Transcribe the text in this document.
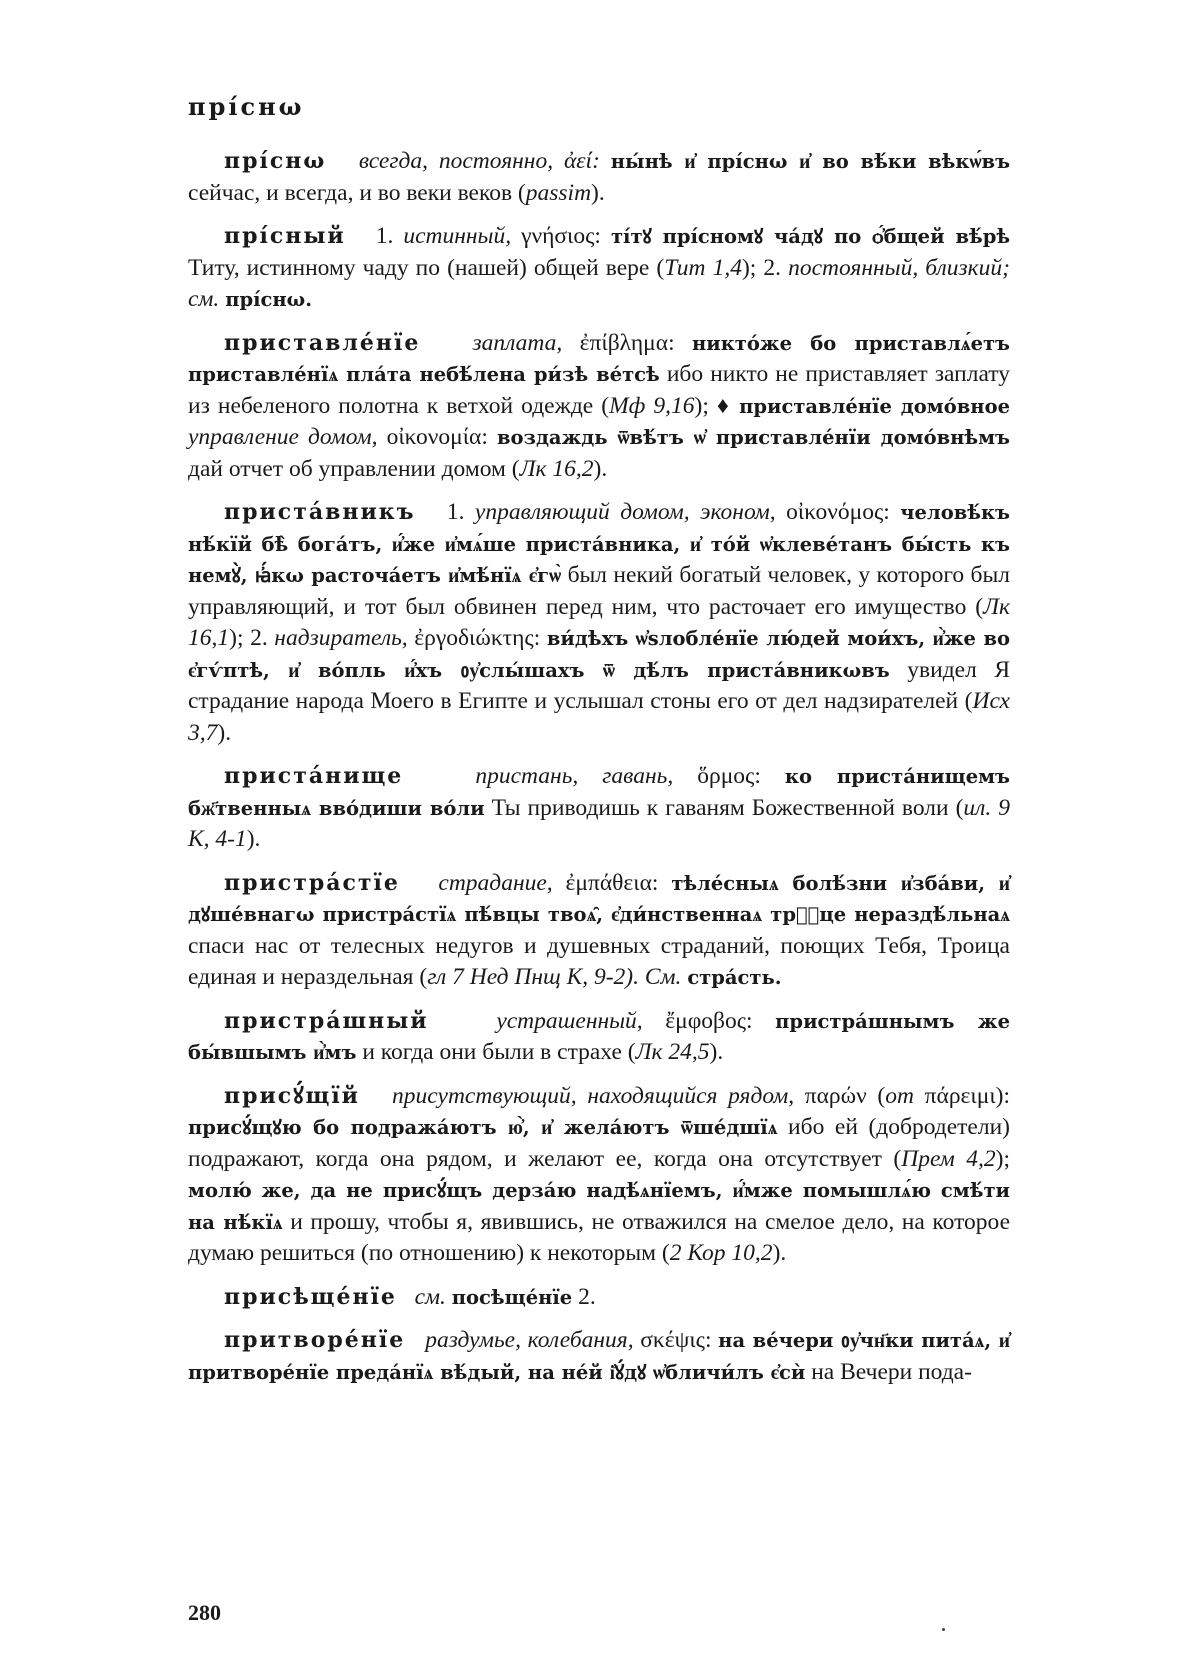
прíснω

прíснω всегда, постоянно, ἀεί: ны́нѣ и҆ прíснω и҆ во вѣ́ки вѣкѡ́въ сейчас, и всегда, и во веки веков (passim).

прíсный 1. истинный, γνήσιος: ті́тꙋ прíсномꙋ ча́дꙋ по ѻ҆́бщей вѣ́рѣ Титу, истинному чаду по (нашей) общей вере (Тит 1,4); 2. постоянный, близкий; см. прíснω.

приставле́нїе заплата, ἐπίβλημα: никто́же бо приставлѧ́етъ приставле́нїѧ пла́та небѣ́лена ри́зѣ ве́тсѣ ибо никто не приставляет заплату из небеленого полотна к ветхой одежде (Мф 9,16); ♦ приставле́нїе домо́вное управление домом, οἰκονομία: воздаждь ѿвѣ́тъ ѡ҆ приставле́нїи домо́внѣмъ дай отчет об управлении домом (Лк 16,2).

приста́вникъ 1. управляющий домом, эконом, οἰκονόμος: человѣ́къ нѣ́кїй бѣ̀ бога́тъ, и҆́же и҆мѧ́ше приста́вника, и҆ то́й ѡ҆клеве́танъ бы́сть къ немꙋ̀, ꙗ҆́кω расточа́етъ и҆мѣ́нїѧ є҆гѡ̀ был некий богатый человек, у которого был управляющий, и тот был обвинен перед ним, что расточает его имущество (Лк 16,1); 2. надзиратель, ἐργοδιώκτης: ви́дѣхъ ѡ҆ѕлобле́нїе лю́дей мои́хъ, и҆̀же во є҆гѵ́птѣ, и҆ во́пль и҆́хъ ᲂу҆слы́шахъ ѿ дѣ́лъ приста́вникωвъ увидел Я страдание народа Моего в Египте и услышал стоны его от дел надзирателей (Исх 3,7).

приста́нище	пристань, гавань, ὅρμος: ко приста́нищемъ бж҃твенныѧ вво́диши во́ли Ты приводишь к гаваням Божественной воли (ил. 9 К, 4-1).

пристра́стїе страдание, ἐμπάθεια: тѣле́сныѧ болѣ́зни и҆зба́ви, и҆ дꙋше́внагω пристра́стїѧ пѣ́вцы твоѧ̑, є҆ди́нственнаѧ трⷪ҇це нераздѣ́льнаѧ спаси нас от телесных недугов и душевных страданий, поющих Тебя, Троица единая и нераздельная (гл 7 Нед Пнщ К, 9-2). См. стра́сть.

пристра́шный	устрашенный, ἔμφοβος: пристра́шнымъ же бы́вшымъ и҆̀мъ и когда они были в страхе (Лк 24,5).

присꙋ́щїй присутствующий, находящийся рядом, παρών (от πάρειμι): присꙋ́щꙋю бо подража́ютъ ю҆̀, и҆ жела́ютъ ѿше́дшїѧ ибо ей (добродетели) подражают, когда она рядом, и желают ее, когда она отсутствует (Прем 4,2); молю́ же, да не присꙋ́щъ дерза́ю надѣ́ѧнїемъ, и҆́мже помышлѧ́ю смѣ́ти на нѣ́кїѧ и прошу, чтобы я, явившись, не отважился на смелое дело, на которое думаю решиться (по отношению) к некоторым (2 Кор 10,2).

присѣще́нїе см. посѣще́нїе 2.

притворе́нїе раздумье, колебания, σκέψις: на ве́чери ᲂу҆чн҃ки пита́ѧ, и҆ притворе́нїе преда́нїѧ вѣ́дый, на не́й і҆ꙋ́дꙋ ѡ҆бличи́лъ є҆сѝ на Вечери пода-

280
